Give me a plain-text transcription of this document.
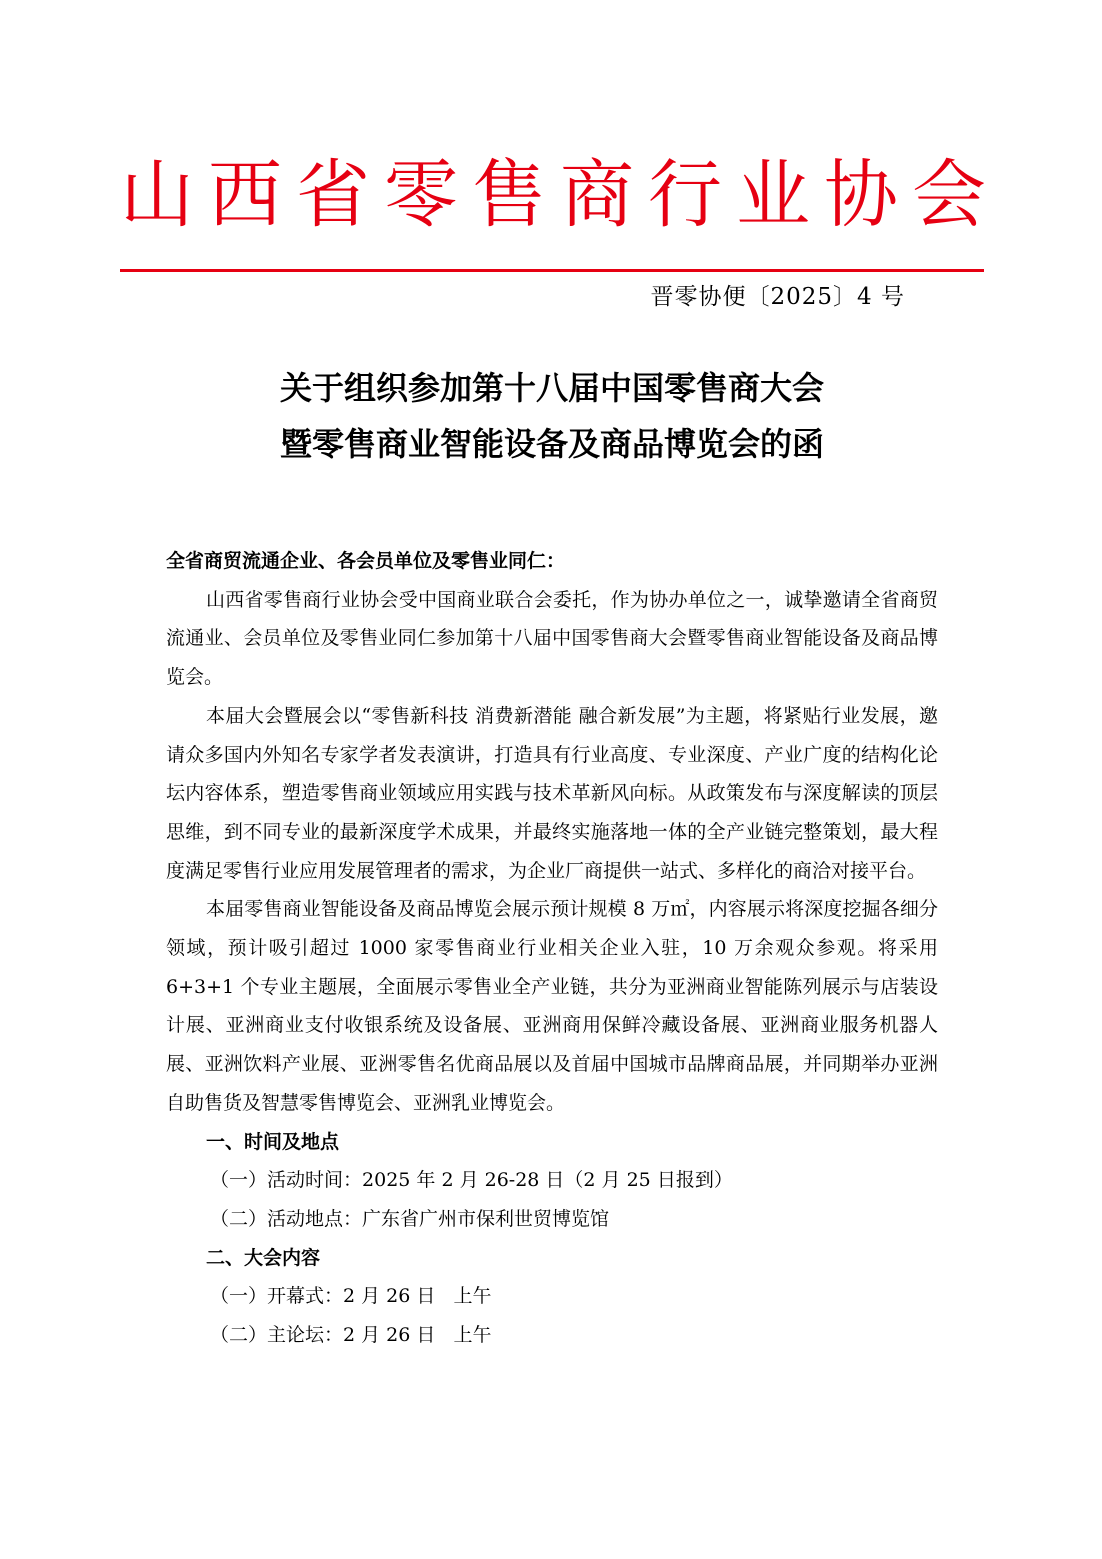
山西省零售商行业协会
晋零协便〔2025〕4 号
关于组织参加第十八届中国零售商大会
暨零售商业智能设备及商品博览会的函

全省商贸流通企业、各会员单位及零售业同仁：

山西省零售商行业协会受中国商业联合会委托，作为协办单位之一，诚挚邀请全省商贸流通业、会员单位及零售业同仁参加第十八届中国零售商大会暨零售商业智能设备及商品博览会。

本届大会暨展会以“零售新科技 消费新潜能 融合新发展”为主题，将紧贴行业发展，邀请众多国内外知名专家学者发表演讲，打造具有行业高度、专业深度、产业广度的结构化论坛内容体系，塑造零售商业领域应用实践与技术革新风向标。从政策发布与深度解读的顶层思维，到不同专业的最新深度学术成果，并最终实施落地一体的全产业链完整策划，最大程度满足零售行业应用发展管理者的需求，为企业厂商提供一站式、多样化的商洽对接平台。

本届零售商业智能设备及商品博览会展示预计规模 8 万㎡，内容展示将深度挖掘各细分领域，预计吸引超过 1000 家零售商业行业相关企业入驻，10 万余观众参观。将采用 6+3+1 个专业主题展，全面展示零售业全产业链，共分为亚洲商业智能陈列展示与店装设计展、亚洲商业支付收银系统及设备展、亚洲商用保鲜冷藏设备展、亚洲商业服务机器人展、亚洲饮料产业展、亚洲零售名优商品展以及首届中国城市品牌商品展，并同期举办亚洲自助售货及智慧零售博览会、亚洲乳业博览会。

一、时间及地点

（一）活动时间：2025 年 2 月 26-28 日（2 月 25 日报到）

（二）活动地点：广东省广州市保利世贸博览馆

二、大会内容

（一）开幕式：2 月 26 日   上午

（二）主论坛：2 月 26 日   上午
